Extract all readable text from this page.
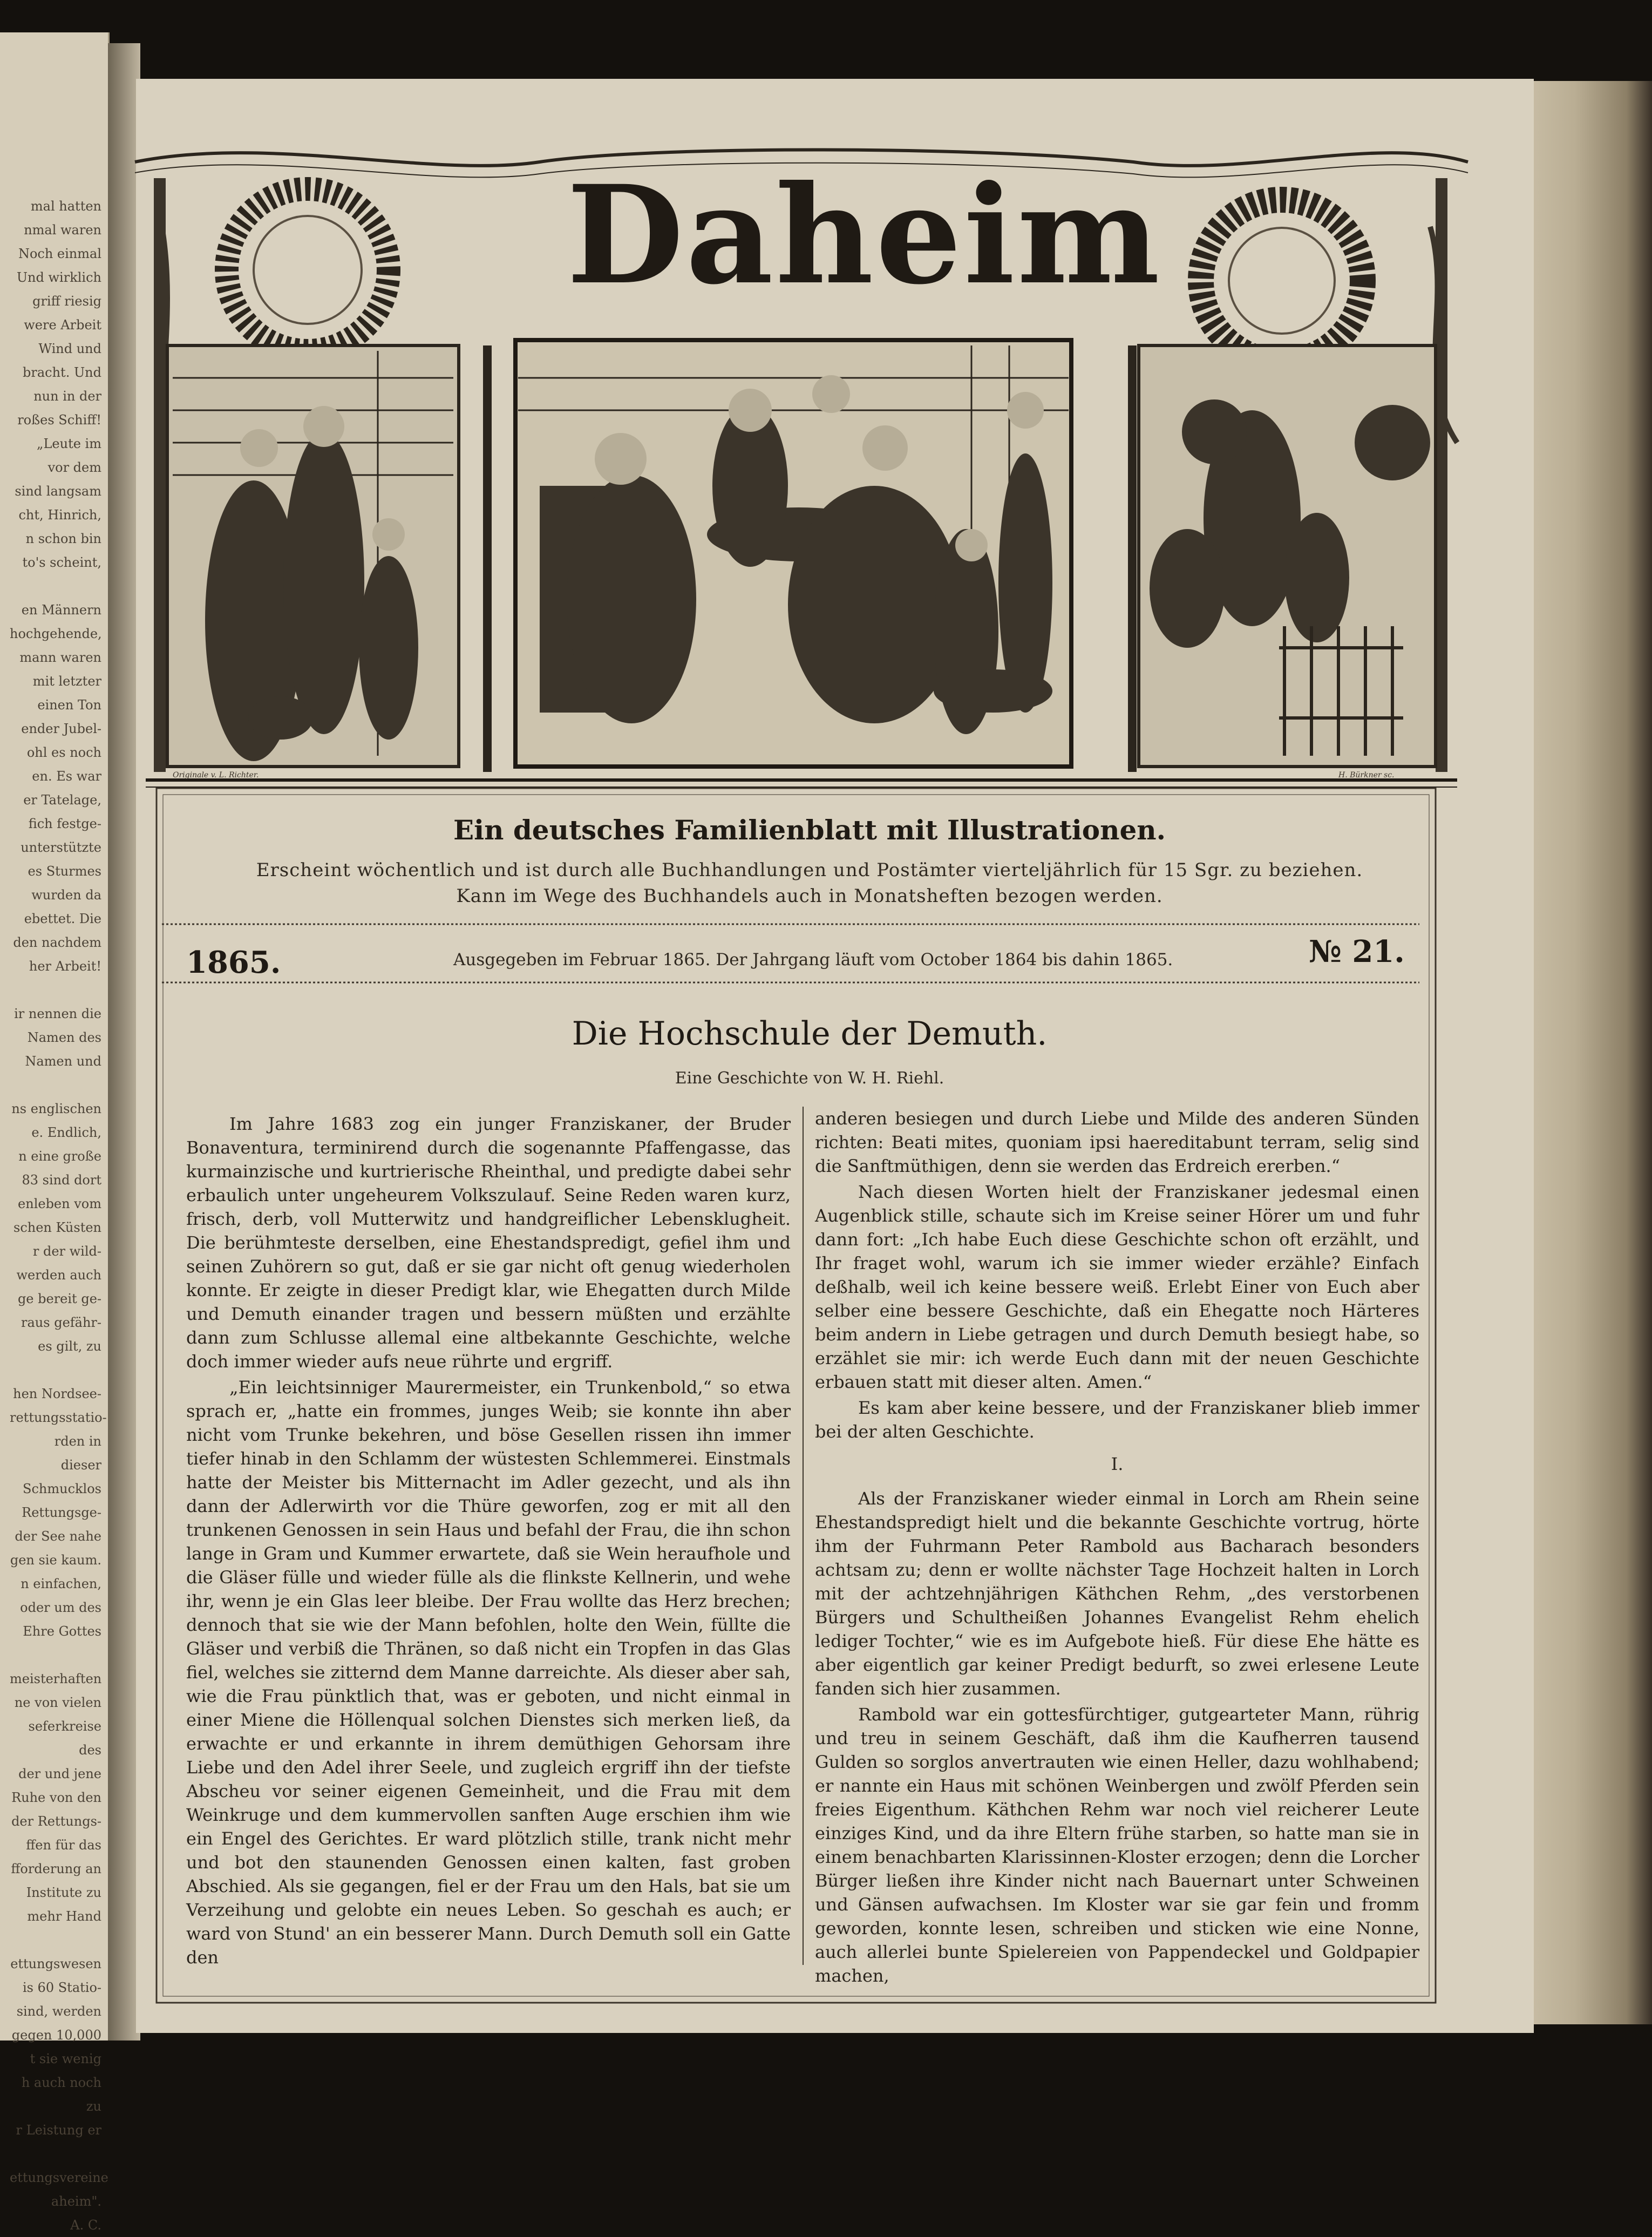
mal hatten
nmal waren
Noch einmal
Und wirklich
griff riesig
were Arbeit
Wind und
bracht. Und
nun in der
roßes Schiff!
„Leute im
vor dem
sind langsam
cht, Hinrich,
n schon bin
to's scheint,

en Männern
hochgehende,
mann waren
mit letzter
einen Ton
ender Jubel-
ohl es noch
en. Es war
er Tatelage,
fich festge-
unterstützte
es Sturmes
wurden da
ebettet. Die
den nachdem
her Arbeit!

ir nennen die
Namen des
Namen und

ns englischen
e. Endlich,
n eine große
83 sind dort
enleben vom
schen Küsten
r der wild-
werden auch
ge bereit ge-
raus gefähr-
es gilt, zu

hen Nordsee-
rettungsstatio-
rden in dieser
Schmucklos
Rettungsge-
der See nahe
gen sie kaum.
n einfachen,
oder um des
Ehre Gottes

meisterhaften
ne von vielen
seferkreise des
der und jene
Ruhe von den
der Rettungs-
ffen für das
fforderung an
Institute zu
mehr Hand

ettungswesen
is 60 Statio-
sind, werden
gegen 10,000
t sie wenig
h auch noch zu
r Leistung er

ettungsvereine
aheim".
A. C.
Daheim
Originale v. L. Richter.	H. Bürkner sc.
Ein deutsches Familienblatt mit Illustrationen.
Erscheint wöchentlich und ist durch alle Buchhandlungen und Postämter vierteljährlich für 15 Sgr. zu beziehen.
Kann im Wege des Buchhandels auch in Monatsheften bezogen werden.
1865.	Ausgegeben im Februar 1865. Der Jahrgang läuft vom October 1864 bis dahin 1865.	№ 21.
Die Hochschule der Demuth.
Eine Geschichte von W. H. Riehl.

Im Jahre 1683 zog ein junger Franziskaner, der Bruder Bonaventura, terminirend durch die sogenannte Pfaffengasse, das kurmainzische und kurtrierische Rheinthal, und predigte dabei sehr erbaulich unter ungeheurem Volkszulauf. Seine Reden waren kurz, frisch, derb, voll Mutterwitz und handgreiflicher Lebensklugheit. Die berühmteste derselben, eine Ehestandspredigt, gefiel ihm und seinen Zuhörern so gut, daß er sie gar nicht oft genug wiederholen konnte. Er zeigte in dieser Predigt klar, wie Ehegatten durch Milde und Demuth einander tragen und bessern müßten und erzählte dann zum Schlusse allemal eine altbekannte Geschichte, welche doch immer wieder aufs neue rührte und ergriff.

„Ein leichtsinniger Maurermeister, ein Trunkenbold,“ so etwa sprach er, „hatte ein frommes, junges Weib; sie konnte ihn aber nicht vom Trunke bekehren, und böse Gesellen rissen ihn immer tiefer hinab in den Schlamm der wüstesten Schlemmerei. Einstmals hatte der Meister bis Mitternacht im Adler gezecht, und als ihn dann der Adlerwirth vor die Thüre geworfen, zog er mit all den trunkenen Genossen in sein Haus und befahl der Frau, die ihn schon lange in Gram und Kummer erwartete, daß sie Wein heraufhole und die Gläser fülle und wieder fülle als die flinkste Kellnerin, und wehe ihr, wenn je ein Glas leer bleibe. Der Frau wollte das Herz brechen; dennoch that sie wie der Mann befohlen, holte den Wein, füllte die Gläser und verbiß die Thränen, so daß nicht ein Tropfen in das Glas fiel, welches sie zitternd dem Manne darreichte. Als dieser aber sah, wie die Frau pünktlich that, was er geboten, und nicht einmal in einer Miene die Höllenqual solchen Dienstes sich merken ließ, da erwachte er und erkannte in ihrem demüthigen Gehorsam ihre Liebe und den Adel ihrer Seele, und zugleich ergriff ihn der tiefste Abscheu vor seiner eigenen Gemeinheit, und die Frau mit dem Weinkruge und dem kummervollen sanften Auge erschien ihm wie ein Engel des Gerichtes. Er ward plötzlich stille, trank nicht mehr und bot den staunenden Genossen einen kalten, fast groben Abschied. Als sie gegangen, fiel er der Frau um den Hals, bat sie um Verzeihung und gelobte ein neues Leben. So geschah es auch; er ward von Stund' an ein besserer Mann. Durch Demuth soll ein Gatte den

anderen besiegen und durch Liebe und Milde des anderen Sünden richten: Beati mites, quoniam ipsi haereditabunt terram, selig sind die Sanftmüthigen, denn sie werden das Erdreich ererben.“

Nach diesen Worten hielt der Franziskaner jedesmal einen Augenblick stille, schaute sich im Kreise seiner Hörer um und fuhr dann fort: „Ich habe Euch diese Geschichte schon oft erzählt, und Ihr fraget wohl, warum ich sie immer wieder erzähle? Einfach deßhalb, weil ich keine bessere weiß. Erlebt Einer von Euch aber selber eine bessere Geschichte, daß ein Ehegatte noch Härteres beim andern in Liebe getragen und durch Demuth besiegt habe, so erzählet sie mir: ich werde Euch dann mit der neuen Geschichte erbauen statt mit dieser alten. Amen.“

Es kam aber keine bessere, und der Franziskaner blieb immer bei der alten Geschichte.

I.

Als der Franziskaner wieder einmal in Lorch am Rhein seine Ehestandspredigt hielt und die bekannte Geschichte vortrug, hörte ihm der Fuhrmann Peter Rambold aus Bacharach besonders achtsam zu; denn er wollte nächster Tage Hochzeit halten in Lorch mit der achtzehnjährigen Käthchen Rehm, „des verstorbenen Bürgers und Schultheißen Johannes Evangelist Rehm ehelich lediger Tochter,“ wie es im Aufgebote hieß. Für diese Ehe hätte es aber eigentlich gar keiner Predigt bedurft, so zwei erlesene Leute fanden sich hier zusammen.

Rambold war ein gottesfürchtiger, gutgearteter Mann, rührig und treu in seinem Geschäft, daß ihm die Kaufherren tausend Gulden so sorglos anvertrauten wie einen Heller, dazu wohlhabend; er nannte ein Haus mit schönen Weinbergen und zwölf Pferden sein freies Eigenthum. Käthchen Rehm war noch viel reicherer Leute einziges Kind, und da ihre Eltern frühe starben, so hatte man sie in einem benachbarten Klarissinnen-Kloster erzogen; denn die Lorcher Bürger ließen ihre Kinder nicht nach Bauernart unter Schweinen und Gänsen aufwachsen. Im Kloster war sie gar fein und fromm geworden, konnte lesen, schreiben und sticken wie eine Nonne, auch allerlei bunte Spielereien von Pappendeckel und Goldpapier machen,
